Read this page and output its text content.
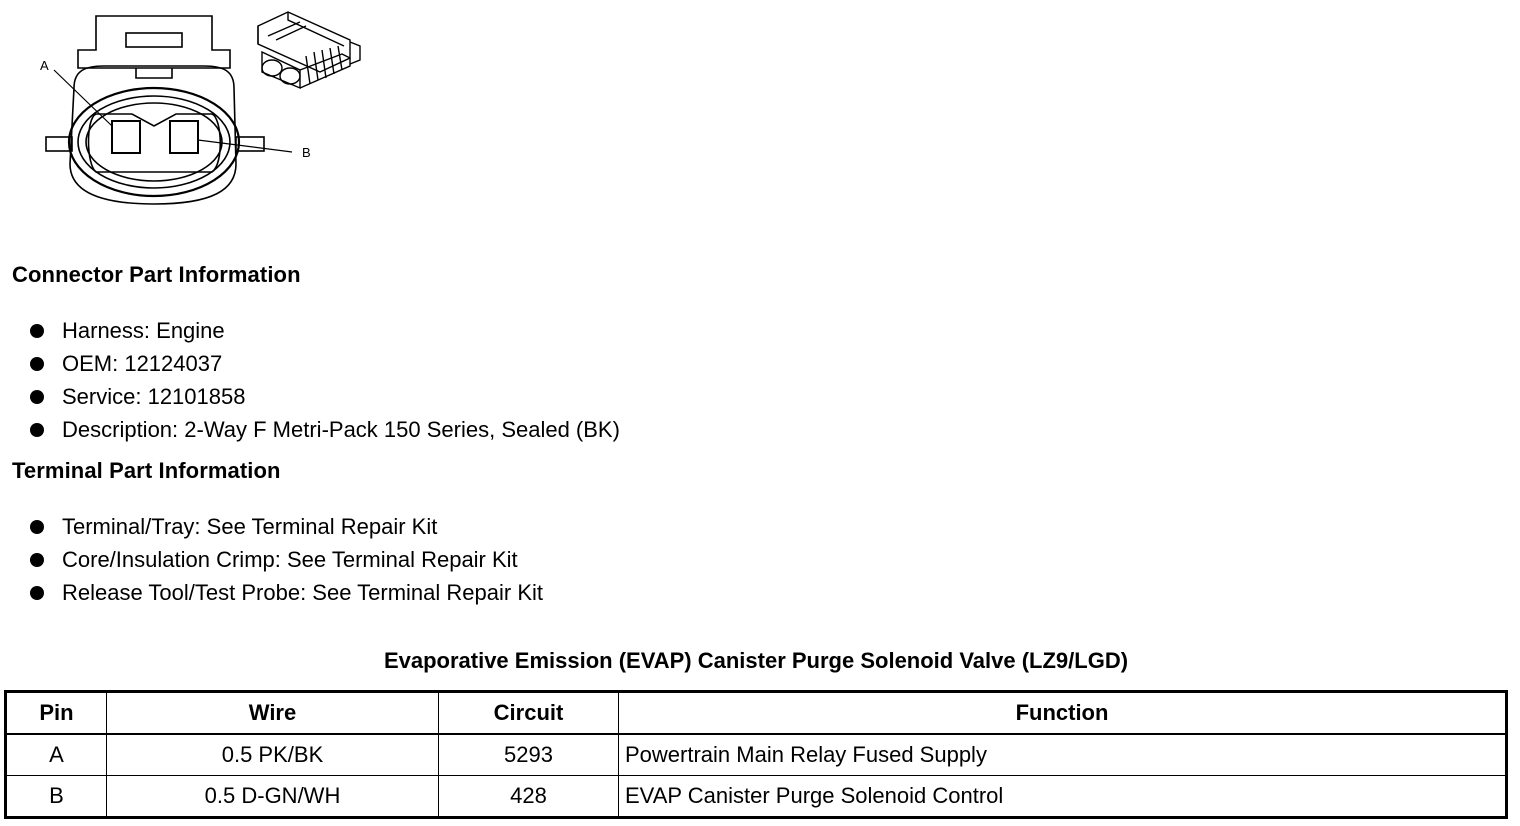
A
B
Connector Part Information
Harness: Engine
OEM: 12124037
Service: 12101858
Description: 2-Way F Metri-Pack 150 Series, Sealed (BK)
Terminal Part Information
Terminal/Tray: See Terminal Repair Kit
Core/Insulation Crimp: See Terminal Repair Kit
Release Tool/Test Probe: See Terminal Repair Kit
Evaporative Emission (EVAP) Canister Purge Solenoid Valve (LZ9/LGD)
Pin	Wire	Circuit	Function
A	0.5 PK/BK	5293	Powertrain Main Relay Fused Supply
B	0.5 D-GN/WH	428	EVAP Canister Purge Solenoid Control
